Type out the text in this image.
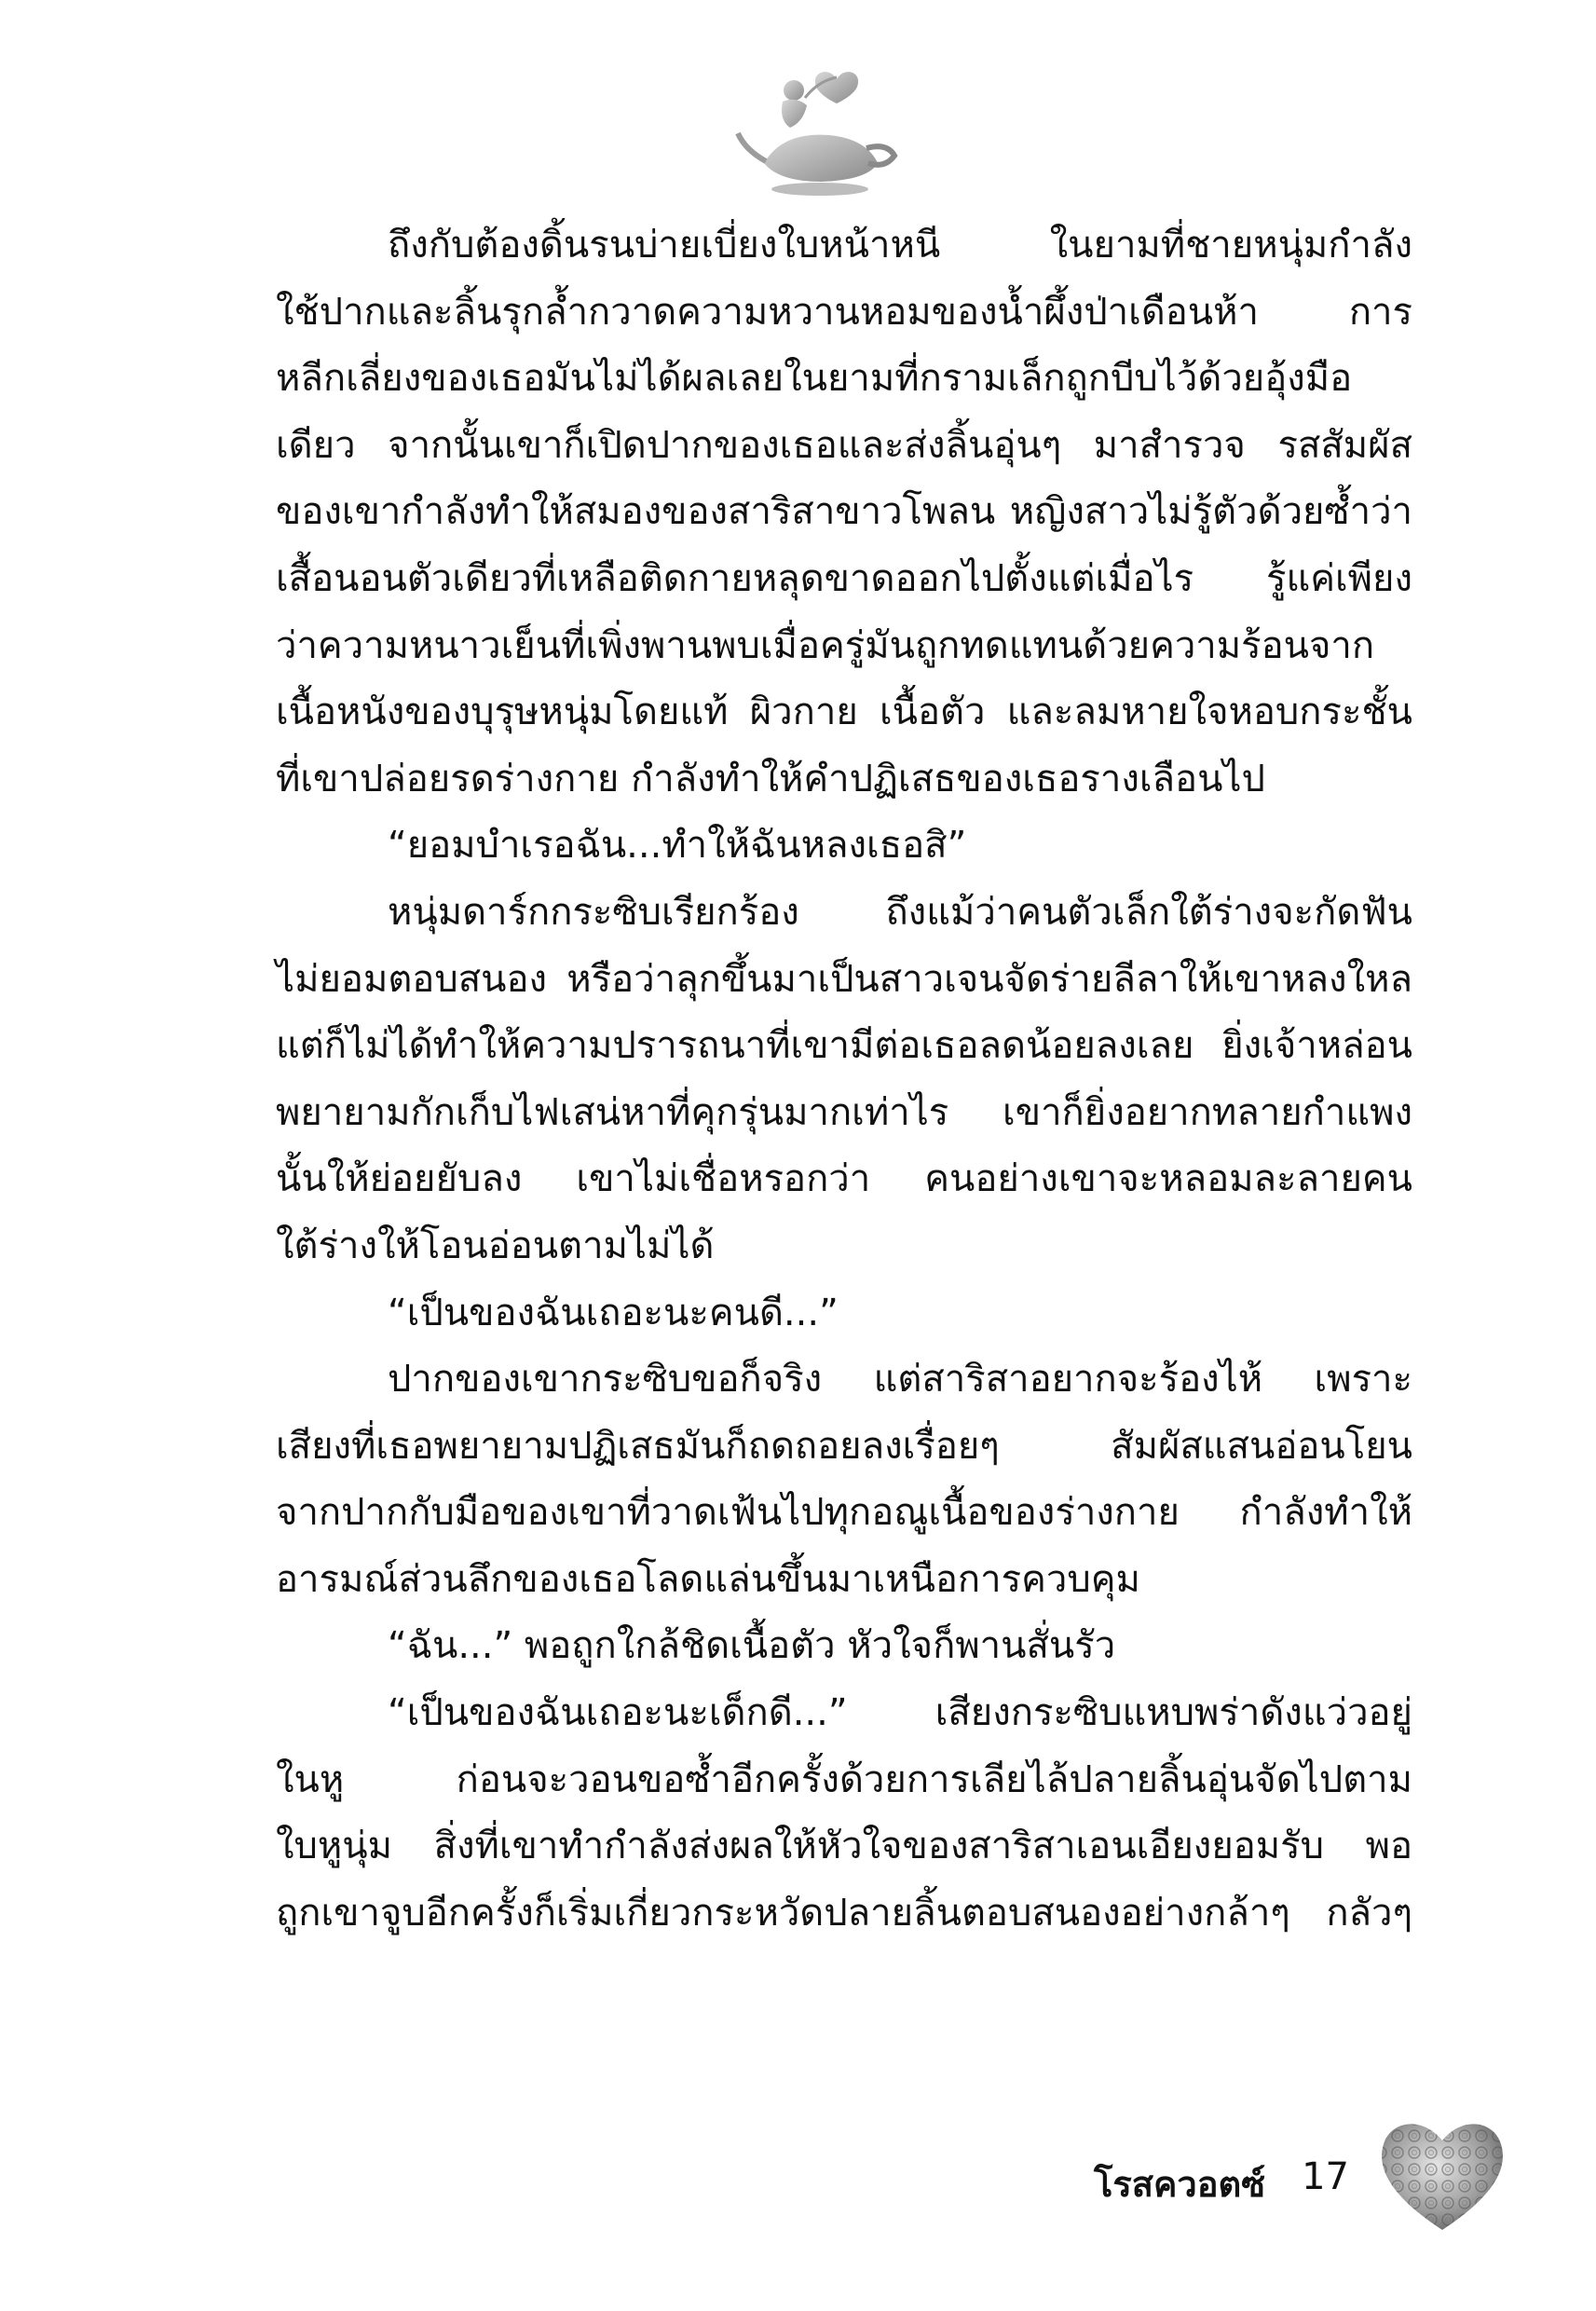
ถึงกับต้องดิ้นรนบ่ายเบี่ยงใบหน้าหนี ในยามที่ชายหนุ่มกำลัง
ใช้ปากและลิ้นรุกล้ำกวาดความหวานหอมของน้ำผึ้งป่าเดือนห้า การ
หลีกเลี่ยงของเธอมันไม่ได้ผลเลยในยามที่กรามเล็กถูกบีบไว้ด้วยอุ้งมือ
เดียว จากนั้นเขาก็เปิดปากของเธอและส่งลิ้นอุ่นๆ มาสำรวจ รสสัมผัส
ของเขากำลังทำให้สมองของสาริสาขาวโพลน หญิงสาวไม่รู้ตัวด้วยซ้ำว่า
เสื้อนอนตัวเดียวที่เหลือติดกายหลุดขาดออกไปตั้งแต่เมื่อไร รู้แค่เพียง
ว่าความหนาวเย็นที่เพิ่งพานพบเมื่อครู่มันถูกทดแทนด้วยความร้อนจาก
เนื้อหนังของบุรุษหนุ่มโดยแท้ ผิวกาย เนื้อตัว และลมหายใจหอบกระชั้น
ที่เขาปล่อยรดร่างกาย กำลังทำให้คำปฏิเสธของเธอรางเลือนไป
“ยอมบำเรอฉัน...ทำให้ฉันหลงเธอสิ”
หนุ่มดาร์กกระซิบเรียกร้อง ถึงแม้ว่าคนตัวเล็กใต้ร่างจะกัดฟัน
ไม่ยอมตอบสนอง หรือว่าลุกขึ้นมาเป็นสาวเจนจัดร่ายลีลาให้เขาหลงใหล
แต่ก็ไม่ได้ทำให้ความปรารถนาที่เขามีต่อเธอลดน้อยลงเลย ยิ่งเจ้าหล่อน
พยายามกักเก็บไฟเสน่หาที่คุกรุ่นมากเท่าไร เขาก็ยิ่งอยากทลายกำแพง
นั้นให้ย่อยยับลง เขาไม่เชื่อหรอกว่า คนอย่างเขาจะหลอมละลายคน
ใต้ร่างให้โอนอ่อนตามไม่ได้
“เป็นของฉันเถอะนะคนดี...”
ปากของเขากระซิบขอก็จริง แต่สาริสาอยากจะร้องไห้ เพราะ
เสียงที่เธอพยายามปฏิเสธมันก็ถดถอยลงเรื่อยๆ สัมผัสแสนอ่อนโยน
จากปากกับมือของเขาที่วาดเฟ้นไปทุกอณูเนื้อของร่างกาย กำลังทำให้
อารมณ์ส่วนลึกของเธอโลดแล่นขึ้นมาเหนือการควบคุม
“ฉัน...” พอถูกใกล้ชิดเนื้อตัว หัวใจก็พานสั่นรัว
“เป็นของฉันเถอะนะเด็กดี...” เสียงกระซิบแหบพร่าดังแว่วอยู่
ในหู ก่อนจะวอนขอซ้ำอีกครั้งด้วยการเลียไล้ปลายลิ้นอุ่นจัดไปตาม
ใบหูนุ่ม สิ่งที่เขาทำกำลังส่งผลให้หัวใจของสาริสาเอนเอียงยอมรับ พอ
ถูกเขาจูบอีกครั้งก็เริ่มเกี่ยวกระหวัดปลายลิ้นตอบสนองอย่างกล้าๆ กลัวๆ
โรสควอตซ์ 17
